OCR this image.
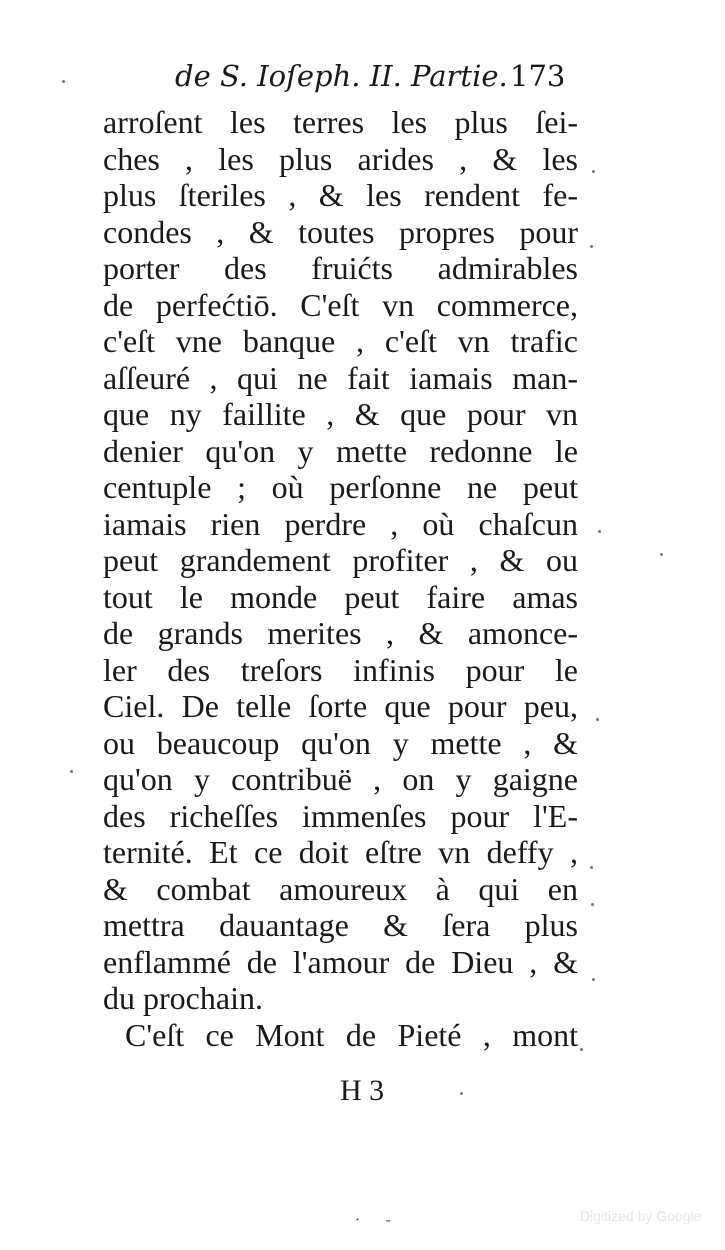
de S. Ioſeph. II. Partie. 173
arroſent les terres les plus ſei-
ches , les plus arides , & les
plus ſteriles , & les rendent fe-
condes , & toutes propres pour
porter des fruićts admirables
de perfećtiō. C'eſt vn commerce,
c'eſt vne banque , c'eſt vn trafic
aſſeuré , qui ne fait iamais man-
que ny faillite , & que pour vn
denier qu'on y mette redonne le
centuple ; où perſonne ne peut
iamais rien perdre , où chaſcun
peut grandement profiter , & ou
tout le monde peut faire amas
de grands merites , & amonce-
ler des treſors infinis pour le
Ciel. De telle ſorte que pour peu,
ou beaucoup qu'on y mette , &
qu'on y contribuë , on y gaigne
des richeſſes immenſes pour l'E-
ternité. Et ce doit eſtre vn deffy ,
& combat amoureux à qui en
mettra dauantage & ſera plus
enflammé de l'amour de Dieu , &
du prochain.
C'eſt ce Mont de Pieté , mont
H 3
·     -	Digitized by Google
